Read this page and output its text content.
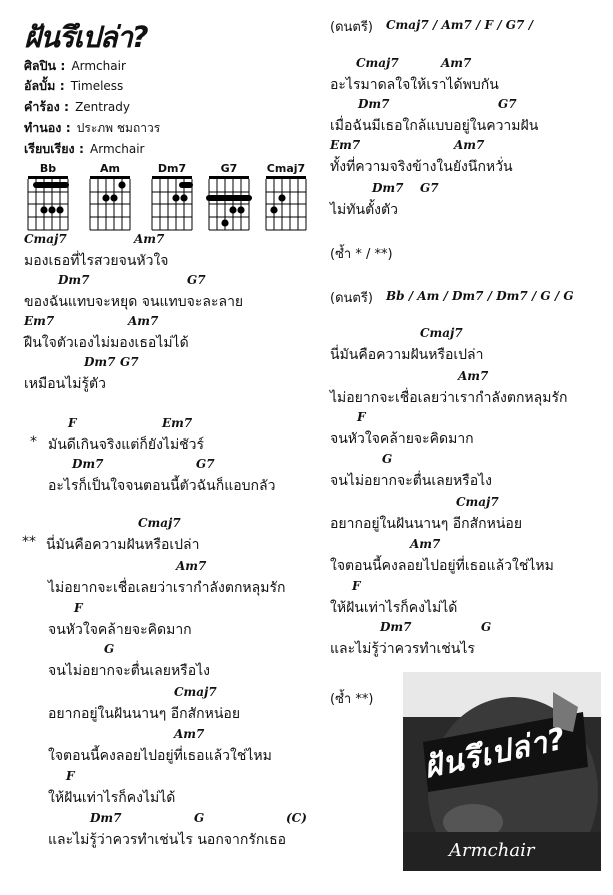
ฝันรึเปล่า?
ศิลปิน : Armchair
อัลบั้ม : Timeless
คำร้อง : Zentrady
ทำนอง : ประภพ ชมถาวร
เรียบเรียง : Armchair
Bb	Am	Dm7	G7	Cmaj7
Cmaj7	Am7
มองเธอที่ไรสวยจนหัวใจ
Dm7	G7
ของฉันแทบจะหยุด จนแทบจะละลาย
Em7	Am7
ฝืนใจตัวเองไม่มองเธอไม่ได้
Dm7 G7
เหมือนไม่รู้ตัว
F	Em7
* มันดีเกินจริงแต่ก็ยังไม่ชัวร์
Dm7	G7
อะไรก็เป็นใจจนตอนนี้ตัวฉันก็แอบกลัว
Cmaj7
** นี่มันคือความฝันหรือเปล่า
Am7
ไม่อยากจะเชื่อเลยว่าเรากำลังตกหลุมรัก
F
จนหัวใจคล้ายจะคิดมาก
G
จนไม่อยากจะตื่นเลยหรือไง
Cmaj7
อยากอยู่ในฝันนานๆ อีกสักหน่อย
Am7
ใจตอนนี้คงลอยไปอยู่ที่เธอแล้วใช่ไหม
F
ให้ฝันเท่าไรก็คงไม่ได้
Dm7	G	(C)
และไม่รู้ว่าควรทำเช่นไร นอกจากรักเธอ
(ดนตรี) Cmaj7 / Am7 / F / G7 /
Cmaj7	Am7
อะไรมาดลใจให้เราได้พบกัน
Dm7	G7
เมื่อฉันมีเธอใกล้แบบอยู่ในความฝัน
Em7	Am7
ทั้งที่ความจริงข้างในยังนึกหวั่น
Dm7 G7
ไม่ทันตั้งตัว
(ซ้ำ * / **)
(ดนตรี) Bb / Am / Dm7 / Dm7 / G / G
Cmaj7
นี่มันคือความฝันหรือเปล่า
Am7
ไม่อยากจะเชื่อเลยว่าเรากำลังตกหลุมรัก
F
จนหัวใจคล้ายจะคิดมาก
G
จนไม่อยากจะตื่นเลยหรือไง
Cmaj7
อยากอยู่ในฝันนานๆ อีกสักหน่อย
Am7
ใจตอนนี้คงลอยไปอยู่ที่เธอแล้วใช่ไหม
F
ให้ฝันเท่าไรก็คงไม่ได้
Dm7	G
และไม่รู้ว่าควรทำเช่นไร
(ซ้ำ **)
ฝันรึเปล่า?
Armchair
